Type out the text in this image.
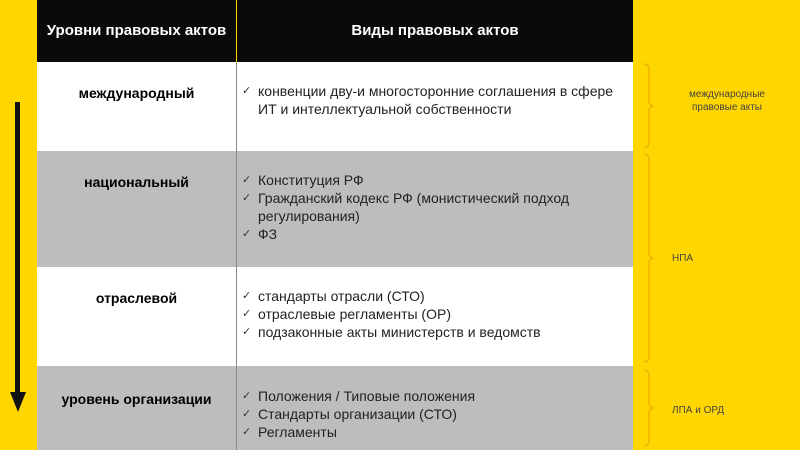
Уровни правовых актов	Виды правовых актов
международный	✓ конвенции дву-и многосторонние соглашения в сфере ИТ и интеллектуальной собственности
национальный	✓ Конституция РФ
✓ Гражданский кодекс РФ (монистический подход регулирования)
✓ ФЗ
отраслевой	✓ стандарты отрасли (СТО)
✓ отраслевые регламенты (ОР)
✓ подзаконные акты министерств и ведомств
уровень организации	✓ Положения / Типовые положения
✓ Стандарты организации (СТО)
✓ Регламенты
международные правовые акты
НПА
ЛПА и ОРД
